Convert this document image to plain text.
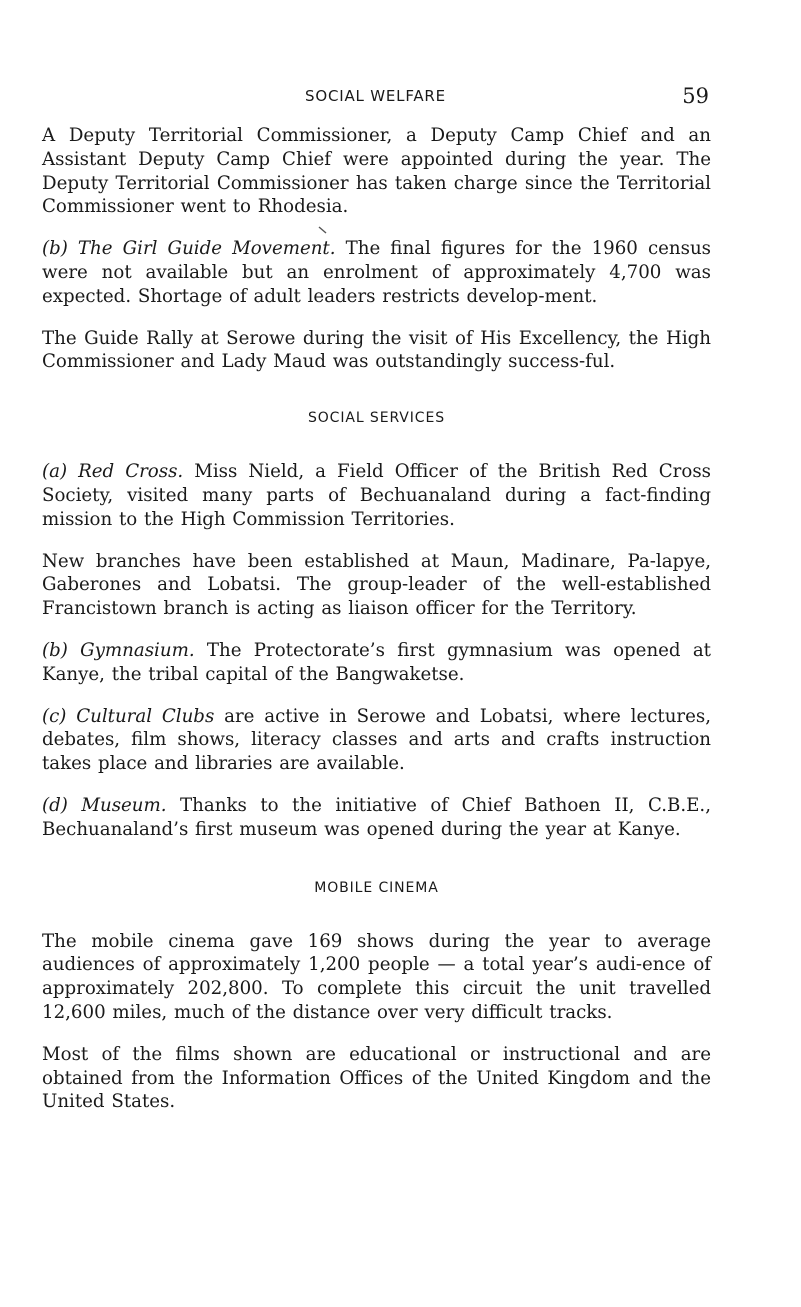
SOCIAL WELFARE	59

A Deputy Territorial Commissioner, a Deputy Camp Chief and an Assistant Deputy Camp Chief were appointed during the year. The Deputy Territorial Commissioner has taken charge since the Territorial Commissioner went to Rhodesia.

(b) The Girl Guide Movement. The final figures for the 1960 census were not available but an enrolment of approximately 4,700 was expected. Shortage of adult leaders restricts develop-ment.

The Guide Rally at Serowe during the visit of His Excellency, the High Commissioner and Lady Maud was outstandingly success-ful.

SOCIAL SERVICES

(a) Red Cross. Miss Nield, a Field Officer of the British Red Cross Society, visited many parts of Bechuanaland during a fact-finding mission to the High Commission Territories.

New branches have been established at Maun, Madinare, Pa-lapye, Gaberones and Lobatsi. The group-leader of the well-established Francistown branch is acting as liaison officer for the Territory.

(b) Gymnasium. The Protectorate’s first gymnasium was opened at Kanye, the tribal capital of the Bangwaketse.

(c) Cultural Clubs are active in Serowe and Lobatsi, where lectures, debates, film shows, literacy classes and arts and crafts instruction takes place and libraries are available.

(d) Museum. Thanks to the initiative of Chief Bathoen II, C.B.E., Bechuanaland’s first museum was opened during the year at Kanye.

MOBILE CINEMA

The mobile cinema gave 169 shows during the year to average audiences of approximately 1,200 people — a total year’s audi-ence of approximately 202,800. To complete this circuit the unit travelled 12,600 miles, much of the distance over very difficult tracks.

Most of the films shown are educational or instructional and are obtained from the Information Offices of the United Kingdom and the United States.
